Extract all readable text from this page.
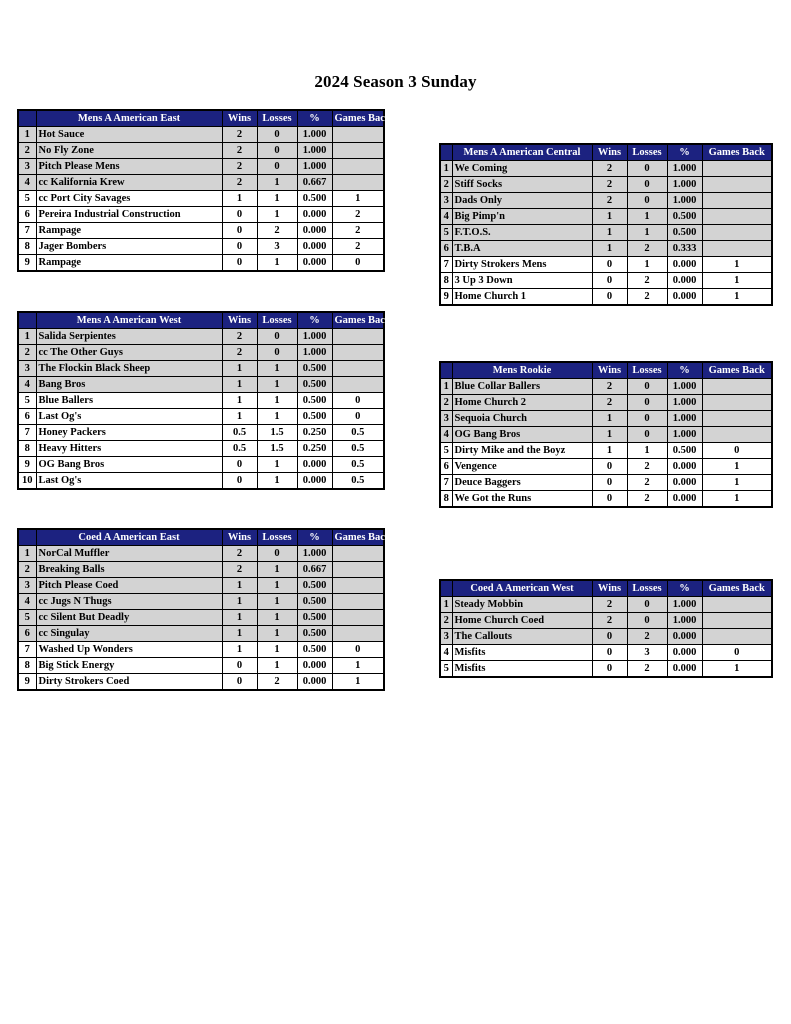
2024 Season 3 Sunday
	Mens A American East	Wins	Losses	%	Games Back
1	Hot Sauce	2	0	1.000	
2	No Fly Zone	2	0	1.000	
3	Pitch Please Mens	2	0	1.000	
4	cc Kalifornia Krew	2	1	0.667	
5	cc Port City Savages	1	1	0.500	1
6	Pereira Industrial Construction	0	1	0.000	2
7	Rampage	0	2	0.000	2
8	Jager Bombers	0	3	0.000	2
9	Rampage	0	1	0.000	0
	Mens A American Central	Wins	Losses	%	Games Back
1	We Coming	2	0	1.000	
2	Stiff Socks	2	0	1.000	
3	Dads Only	2	0	1.000	
4	Big Pimp'n	1	1	0.500	
5	F.T.O.S.	1	1	0.500	
6	T.B.A	1	2	0.333	
7	Dirty Strokers Mens	0	1	0.000	1
8	3 Up 3 Down	0	2	0.000	1
9	Home Church 1	0	2	0.000	1
	Mens A American West	Wins	Losses	%	Games Back
1	Salida Serpientes	2	0	1.000	
2	cc The Other Guys	2	0	1.000	
3	The Flockin Black Sheep	1	1	0.500	
4	Bang Bros	1	1	0.500	
5	Blue Ballers	1	1	0.500	0
6	Last Og's	1	1	0.500	0
7	Honey Packers	0.5	1.5	0.250	0.5
8	Heavy Hitters	0.5	1.5	0.250	0.5
9	OG Bang Bros	0	1	0.000	0.5
10	Last Og's	0	1	0.000	0.5
	Mens Rookie	Wins	Losses	%	Games Back
1	Blue Collar Ballers	2	0	1.000	
2	Home Church 2	2	0	1.000	
3	Sequoia Church	1	0	1.000	
4	OG Bang Bros	1	0	1.000	
5	Dirty Mike and the Boyz	1	1	0.500	0
6	Vengence	0	2	0.000	1
7	Deuce Baggers	0	2	0.000	1
8	We Got the Runs	0	2	0.000	1
	Coed A American East	Wins	Losses	%	Games Back
1	NorCal Muffler	2	0	1.000	
2	Breaking Balls	2	1	0.667	
3	Pitch Please Coed	1	1	0.500	
4	cc Jugs N Thugs	1	1	0.500	
5	cc Silent But Deadly	1	1	0.500	
6	cc Singulay	1	1	0.500	
7	Washed Up Wonders	1	1	0.500	0
8	Big Stick Energy	0	1	0.000	1
9	Dirty Strokers Coed	0	2	0.000	1
	Coed A American West	Wins	Losses	%	Games Back
1	Steady Mobbin	2	0	1.000	
2	Home Church Coed	2	0	1.000	
3	The Callouts	0	2	0.000	
4	Misfits	0	3	0.000	0
5	Misfits	0	2	0.000	1
